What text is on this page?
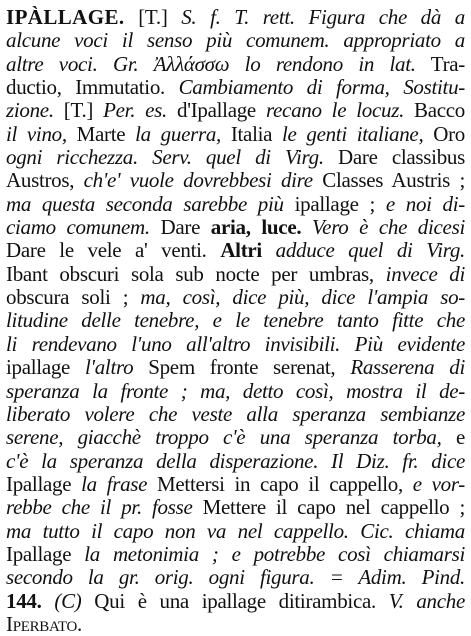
IPÀLLAGE. [T.] S. f. T. rett. Figura che dà a
alcune voci il senso più comunem. appropriato a
altre voci. Gr. Ἀλλάσσω lo rendono in lat. Tra-
ductio, Immutatio. Cambiamento di forma, Sostitu-
zione. [T.] Per. es. d'Ipallage recano le locuz. Bacco
il vino, Marte la guerra, Italia le genti italiane, Oro
ogni ricchezza. Serv. quel di Virg. Dare classibus
Austros, ch'e' vuole dovrebbesi dire Classes Austris ;
ma questa seconda sarebbe più ipallage ; e noi di-
ciamo comunem. Dare aria, luce. Vero è che dicesi
Dare le vele a' venti. Altri adduce quel di Virg.
Ibant obscuri sola sub nocte per umbras, invece di
obscura soli ; ma, così, dice più, dice l'ampia so-
litudine delle tenebre, e le tenebre tanto fitte che
li rendevano l'uno all'altro invisibili. Più evidente
ipallage l'altro Spem fronte serenat, Rasserena di
speranza la fronte ; ma, detto così, mostra il de-
liberato volere che veste alla speranza sembianze
serene, giacchè troppo c'è una speranza torba, e
c'è la speranza della disperazione. Il Diz. fr. dice
Ipallage la frase Mettersi in capo il cappello, e vor-
rebbe che il pr. fosse Mettere il capo nel cappello ;
ma tutto il capo non va nel cappello. Cic. chiama
Ipallage la metonimia ; e potrebbe così chiamarsi
secondo la gr. orig. ogni figura. = Adim. Pind.
144. (C) Qui è una ipallage ditirambica. V. anche
Iperbato.
